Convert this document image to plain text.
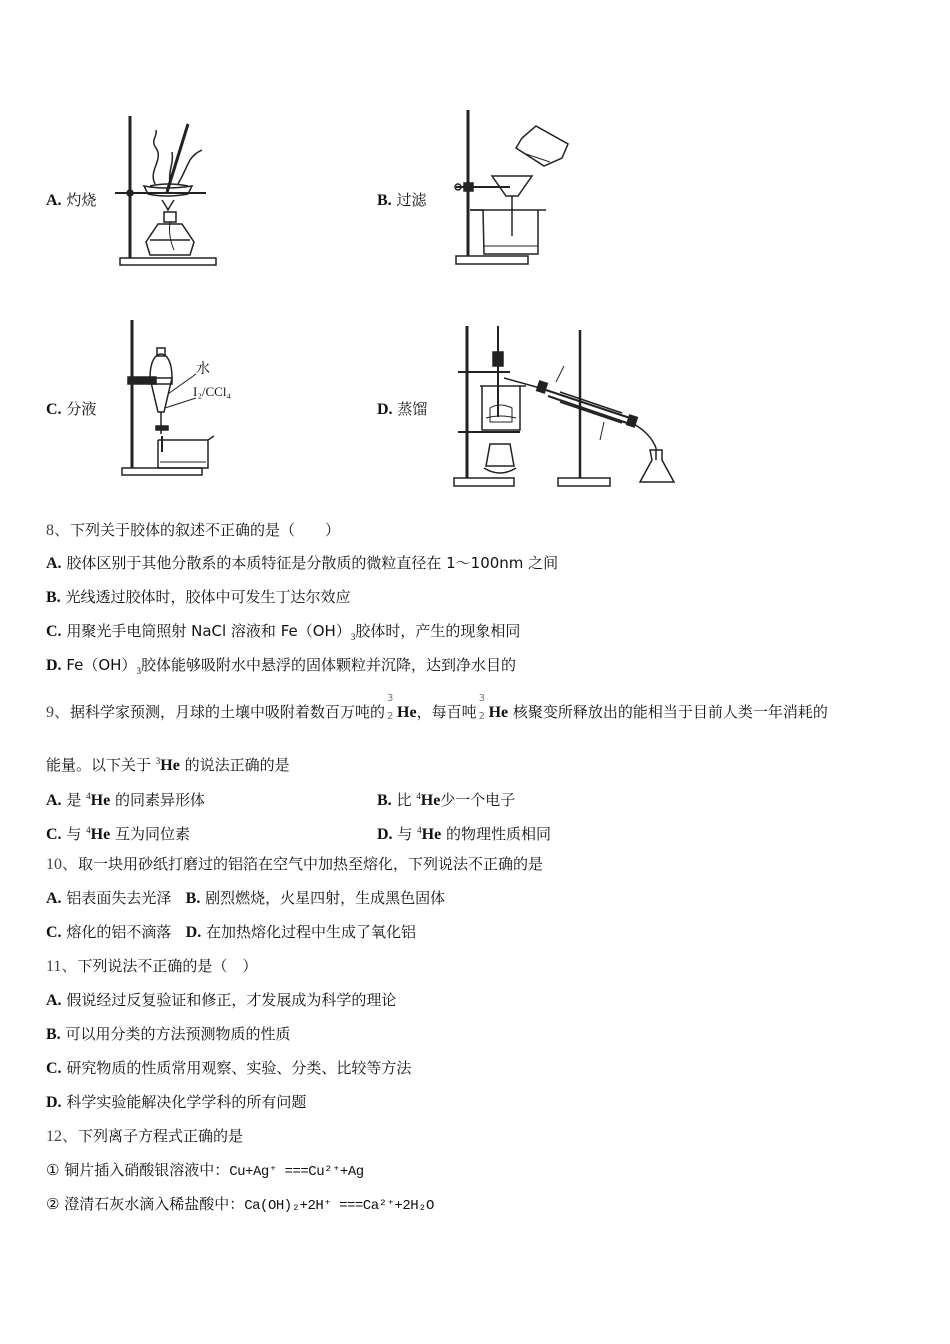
A. 灼烧	B. 过滤
C. 分液
水
I₂/CCl₄
D. 蒸馏
8、下列关于胶体的叙述不正确的是（　　）
A. 胶体区别于其他分散系的本质特征是分散质的微粒直径在 1～100nm 之间
B. 光线透过胶体时，胶体中可发生丁达尔效应
C. 用聚光手电筒照射 NaCl 溶液和 $Fe(OH)_3$胶体时，产生的现象相同
D. $Fe(OH)_3$胶体能够吸附水中悬浮的固体颗粒并沉降，达到净水目的
9、据科学家预测，月球的土壤中吸附着数百万吨的
3
2 He，每百吨
3
2 He 核聚变所释放出的能相当于目前人类一年消耗的
能量。以下关于 $^3$He 的说法正确的是
A. 是 $^4$He 的同素异形体	B. 比 $^4$He少一个电子
C. 与 $^4$He 互为同位素	D. 与 $^4$He 的物理性质相同
10、取一块用砂纸打磨过的铝箔在空气中加热至熔化，下列说法不正确的是
A. 铝表面失去光泽 B. 剧烈燃烧，火星四射，生成黑色固体
C. 熔化的铝不滴落 D. 在加热熔化过程中生成了氧化铝
11、下列说法不正确的是（　）
A. 假说经过反复验证和修正，才发展成为科学的理论
B. 可以用分类的方法预测物质的性质
C. 研究物质的性质常用观察、实验、分类、比较等方法
D. 科学实验能解决化学学科的所有问题
12、下列离子方程式正确的是
① 铜片插入硝酸银溶液中：Cu+Ag⁺ ===Cu²⁺+Ag
② 澄清石灰水滴入稀盐酸中：Ca(OH)₂+2H⁺ ===Ca²⁺+2H₂O
